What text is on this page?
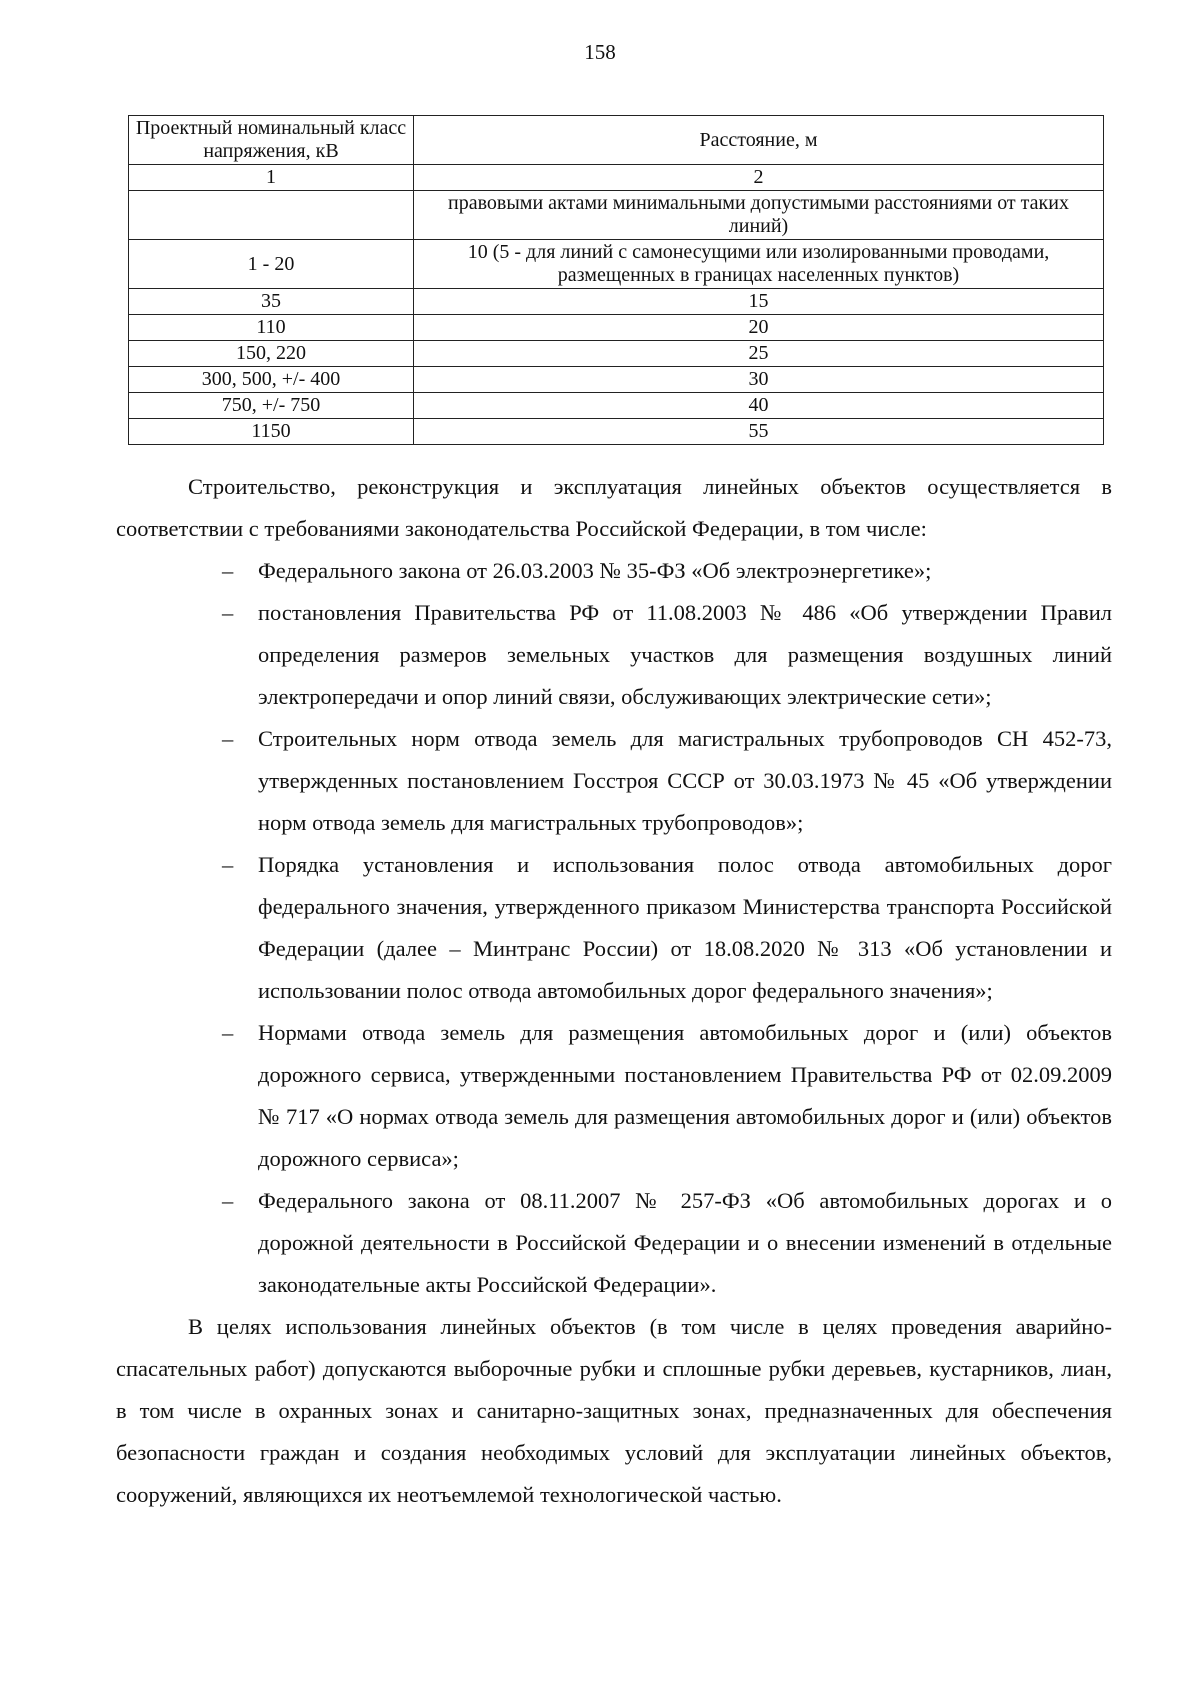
158
Проектный номинальный класс напряжения, кВ	Расстояние, м
1	2
	правовыми актами минимальными допустимыми расстояниями от таких линий)
1 - 20	10 (5 - для линий с самонесущими или изолированными проводами, размещенных в границах населенных пунктов)
35	15
110	20
150, 220	25
300, 500, +/- 400	30
750, +/- 750	40
1150	55

Строительство, реконструкция и эксплуатация линейных объектов осуществляется в соответствии с требованиями законодательства Российской Федерации, в том числе:

– Федерального закона от 26.03.2003 № 35-ФЗ «Об электроэнергетике»;
– постановления Правительства РФ от 11.08.2003 № 486 «Об утверждении Правил определения размеров земельных участков для размещения воздушных линий электропередачи и опор линий связи, обслуживающих электрические сети»;
– Строительных норм отвода земель для магистральных трубопроводов СН 452-73, утвержденных постановлением Госстроя СССР от 30.03.1973 № 45 «Об утверждении норм отвода земель для магистральных трубопроводов»;
– Порядка установления и использования полос отвода автомобильных дорог федерального значения, утвержденного приказом Министерства транспорта Российской Федерации (далее – Минтранс России) от 18.08.2020 № 313 «Об установлении и использовании полос отвода автомобильных дорог федерального значения»;
– Нормами отвода земель для размещения автомобильных дорог и (или) объектов дорожного сервиса, утвержденными постановлением Правительства РФ от 02.09.2009 № 717 «О нормах отвода земель для размещения автомобильных дорог и (или) объектов дорожного сервиса»;
– Федерального закона от 08.11.2007 № 257-ФЗ «Об автомобильных дорогах и о дорожной деятельности в Российской Федерации и о внесении изменений в отдельные законодательные акты Российской Федерации».

В целях использования линейных объектов (в том числе в целях проведения аварийно-спасательных работ) допускаются выборочные рубки и сплошные рубки деревьев, кустарников, лиан, в том числе в охранных зонах и санитарно-защитных зонах, предназначенных для обеспечения безопасности граждан и создания необходимых условий для эксплуатации линейных объектов, сооружений, являющихся их неотъемлемой технологической частью.
